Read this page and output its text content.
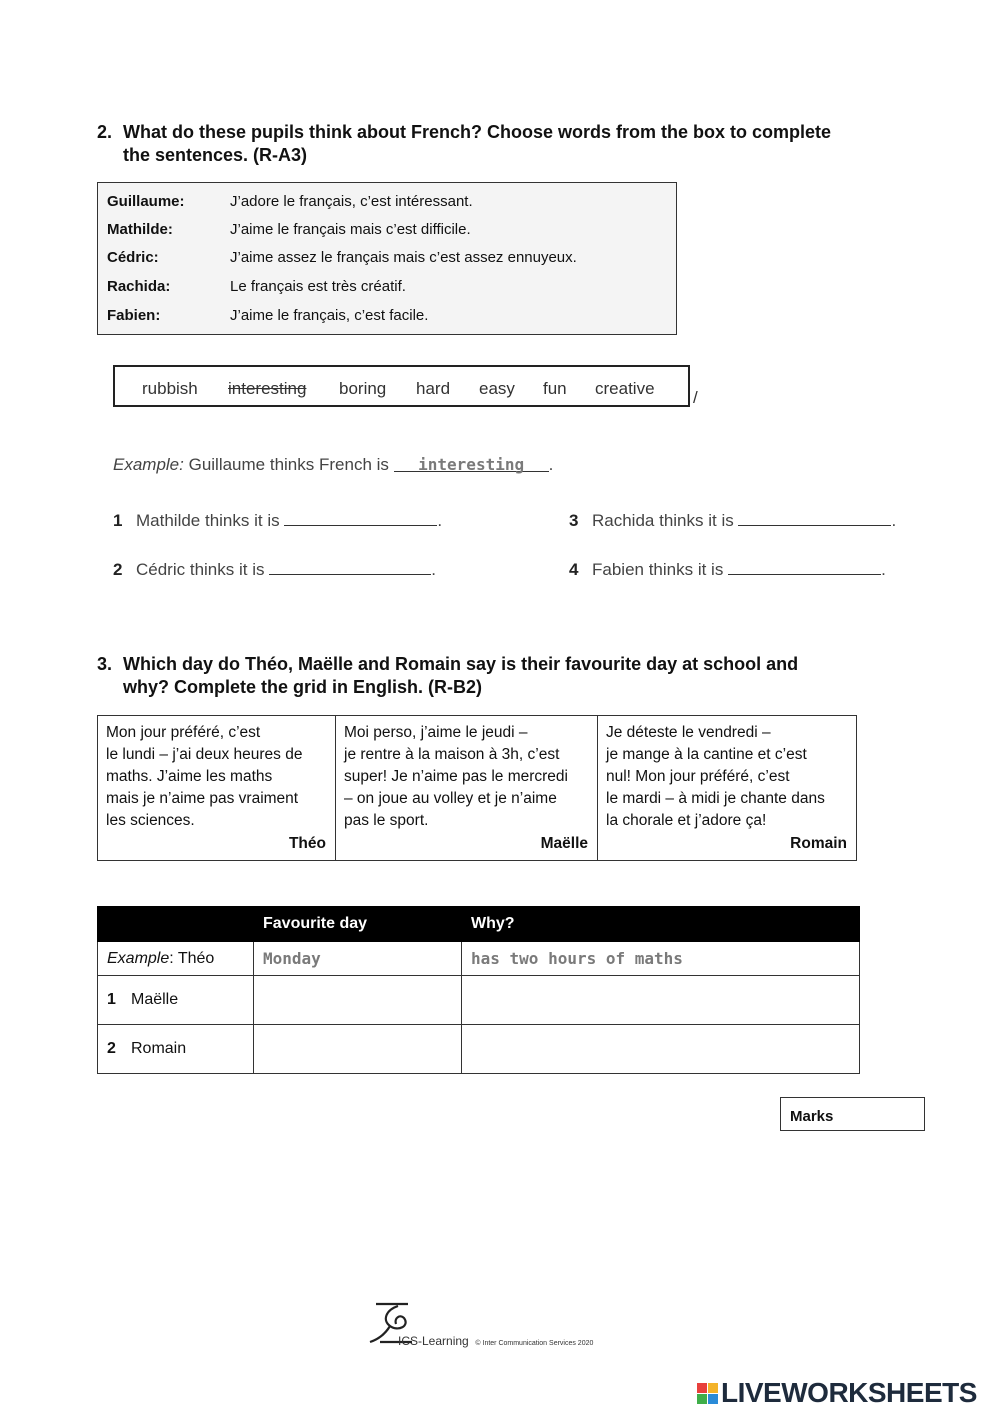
2. What do these pupils think about French? Choose words from the box to complete
the sentences. (R-A3)
Guillaume:	J’adore le français, c’est intéressant.
Mathilde:	J’aime le français mais c’est difficile.
Cédric:	J’aime assez le français mais c’est assez ennuyeux.
Rachida:	Le français est très créatif.
Fabien:	J’aime le français, c’est facile.
rubbish interesting boring hard easy fun creative /
Example: Guillaume thinks French is interesting .
1 Mathilde thinks it is	.	3 Rachida thinks it is	.
2 Cédric thinks it is	.	4 Fabien thinks it is	.
3. Which day do Théo, Maëlle and Romain say is their favourite day at school and
why? Complete the grid in English. (R-B2)
Mon jour préféré, c’est
le lundi – j’ai deux heures de
maths. J’aime les maths
mais je n’aime pas vraiment
les sciences.
Théo
Moi perso, j’aime le jeudi –
je rentre à la maison à 3h, c’est
super! Je n’aime pas le mercredi
– on joue au volley et je n’aime
pas le sport.
Maëlle
Je déteste le vendredi –
je mange à la cantine et c’est
nul! Mon jour préféré, c’est
le mardi – à midi je chante dans
la chorale et j’adore ça!
Romain
	Favourite day	Why?
Example: Théo	Monday	has two hours of maths
1 Maëlle		
2 Romain		
Marks
ICS-Learning © Inter Communication Services 2020
LIVEWORKSHEETS
